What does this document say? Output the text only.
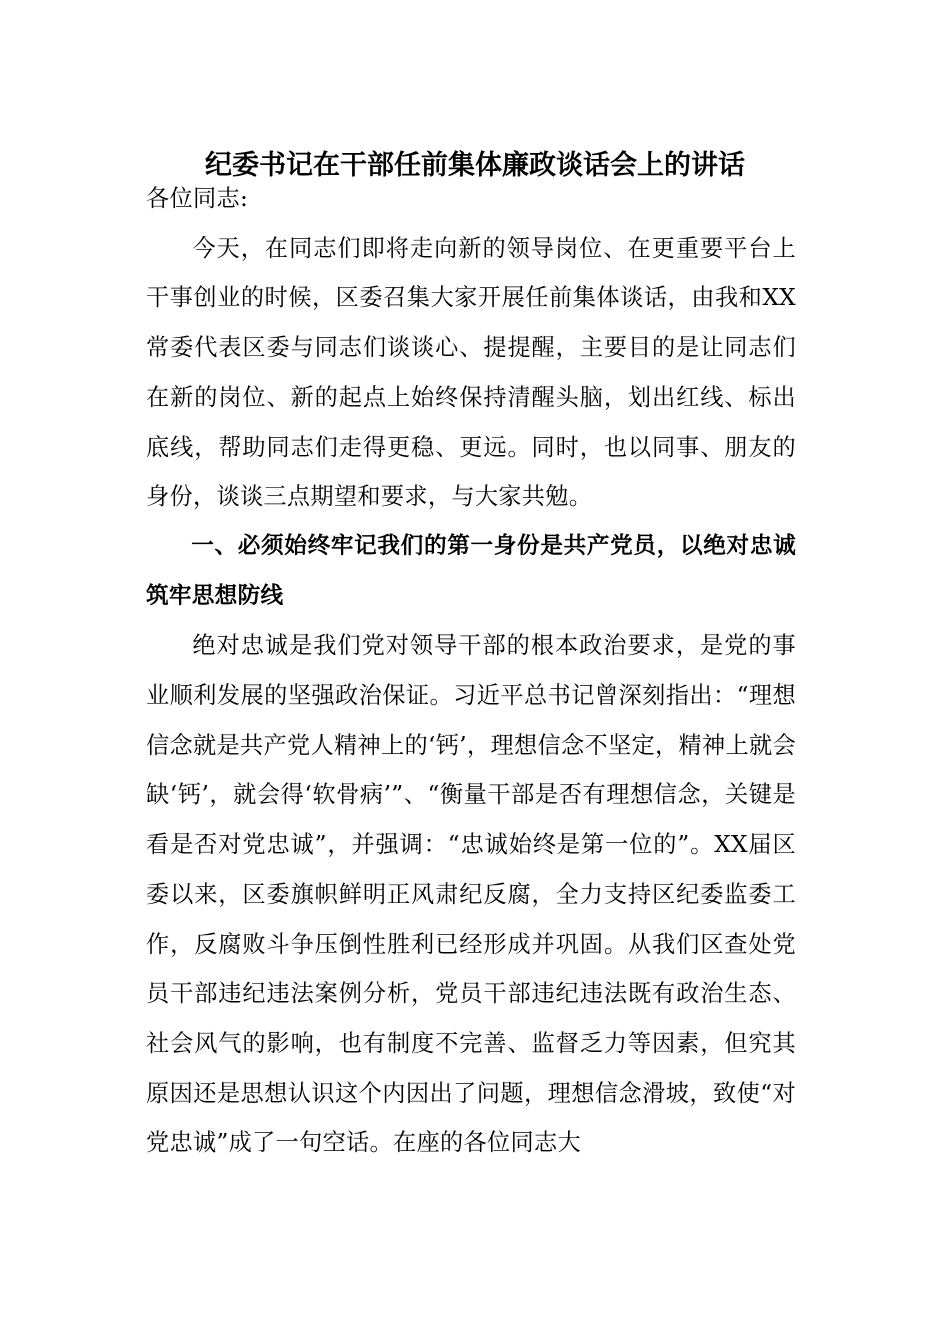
纪委书记在干部任前集体廉政谈话会上的讲话

各位同志:

今天，在同志们即将走向新的领导岗位、在更重要平台上干事创业的时候，区委召集大家开展任前集体谈话，由我和XX常委代表区委与同志们谈谈心、提提醒，主要目的是让同志们在新的岗位、新的起点上始终保持清醒头脑，划出红线、标出底线，帮助同志们走得更稳、更远。同时，也以同事、朋友的身份，谈谈三点期望和要求，与大家共勉。

一、必须始终牢记我们的第一身份是共产党员，以绝对忠诚筑牢思想防线

绝对忠诚是我们党对领导干部的根本政治要求，是党的事业顺利发展的坚强政治保证。习近平总书记曾深刻指出：“理想信念就是共产党人精神上的‘钙’，理想信念不坚定，精神上就会缺‘钙’，就会得‘软骨病’”、“衡量干部是否有理想信念，关键是看是否对党忠诚”，并强调：“忠诚始终是第一位的”。XX届区委以来，区委旗帜鲜明正风肃纪反腐，全力支持区纪委监委工作，反腐败斗争压倒性胜利已经形成并巩固。从我们区查处党员干部违纪违法案例分析，党员干部违纪违法既有政治生态、社会风气的影响，也有制度不完善、监督乏力等因素，但究其原因还是思想认识这个内因出了问题，理想信念滑坡，致使“对党忠诚”成了一句空话。在座的各位同志大
